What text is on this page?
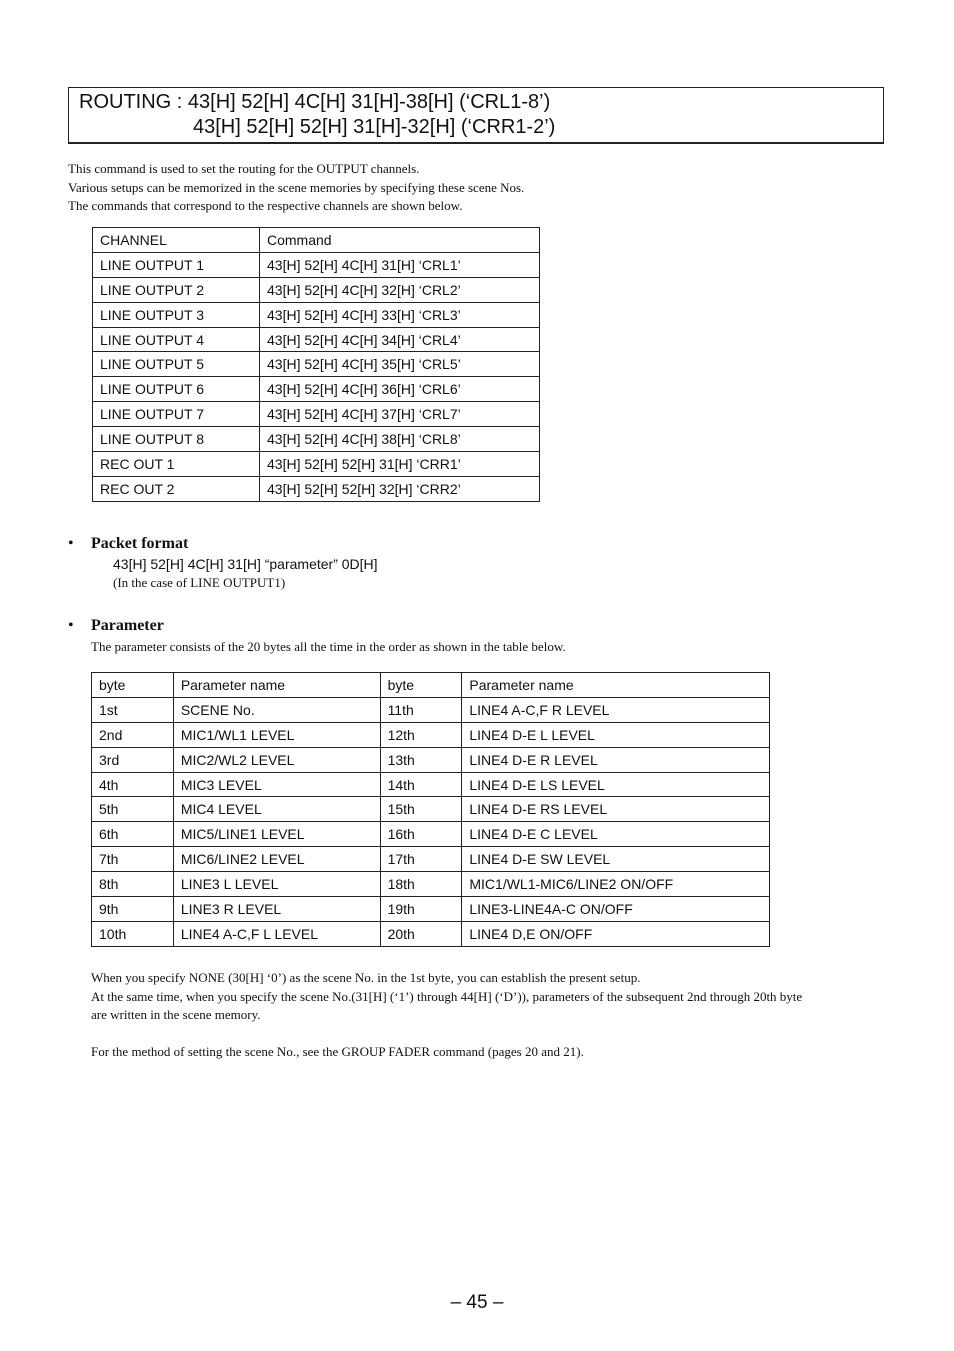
ROUTING : 43[H] 52[H] 4C[H] 31[H]-38[H] (‘CRL1-8’)
43[H] 52[H] 52[H] 31[H]-32[H] (‘CRR1-2’)
This command is used to set the routing for the OUTPUT channels.
Various setups can be memorized in the scene memories by specifying these scene Nos.
The commands that correspond to the respective channels are shown below.
CHANNEL	Command
LINE OUTPUT 1	43[H] 52[H] 4C[H] 31[H] ‘CRL1’
LINE OUTPUT 2	43[H] 52[H] 4C[H] 32[H] ‘CRL2’
LINE OUTPUT 3	43[H] 52[H] 4C[H] 33[H] ‘CRL3’
LINE OUTPUT 4	43[H] 52[H] 4C[H] 34[H] ‘CRL4’
LINE OUTPUT 5	43[H] 52[H] 4C[H] 35[H] ‘CRL5’
LINE OUTPUT 6	43[H] 52[H] 4C[H] 36[H] ‘CRL6’
LINE OUTPUT 7	43[H] 52[H] 4C[H] 37[H] ‘CRL7’
LINE OUTPUT 8	43[H] 52[H] 4C[H] 38[H] ‘CRL8’
REC OUT 1	43[H] 52[H] 52[H] 31[H] ‘CRR1’
REC OUT 2	43[H] 52[H] 52[H] 32[H] ‘CRR2’
• Packet format
43[H] 52[H] 4C[H] 31[H] “parameter” 0D[H]
(In the case of LINE OUTPUT1)
• Parameter
The parameter consists of the 20 bytes all the time in the order as shown in the table below.
byte	Parameter name	byte	Parameter name
1st	SCENE No.	11th	LINE4 A-C,F R LEVEL
2nd	MIC1/WL1 LEVEL	12th	LINE4 D-E L LEVEL
3rd	MIC2/WL2 LEVEL	13th	LINE4 D-E R LEVEL
4th	MIC3 LEVEL	14th	LINE4 D-E LS LEVEL
5th	MIC4 LEVEL	15th	LINE4 D-E RS LEVEL
6th	MIC5/LINE1 LEVEL	16th	LINE4 D-E C LEVEL
7th	MIC6/LINE2 LEVEL	17th	LINE4 D-E SW LEVEL
8th	LINE3 L LEVEL	18th	MIC1/WL1-MIC6/LINE2 ON/OFF
9th	LINE3 R LEVEL	19th	LINE3-LINE4A-C ON/OFF
10th	LINE4 A-C,F L LEVEL	20th	LINE4 D,E ON/OFF
When you specify NONE (30[H] ‘0’) as the scene No. in the 1st byte, you can establish the present setup.
At the same time, when you specify the scene No.(31[H] (‘1’) through 44[H] (‘D’)), parameters of the subsequent 2nd through 20th byte
are written in the scene memory.
For the method of setting the scene No., see the GROUP FADER command (pages 20 and 21).
– 45 –
